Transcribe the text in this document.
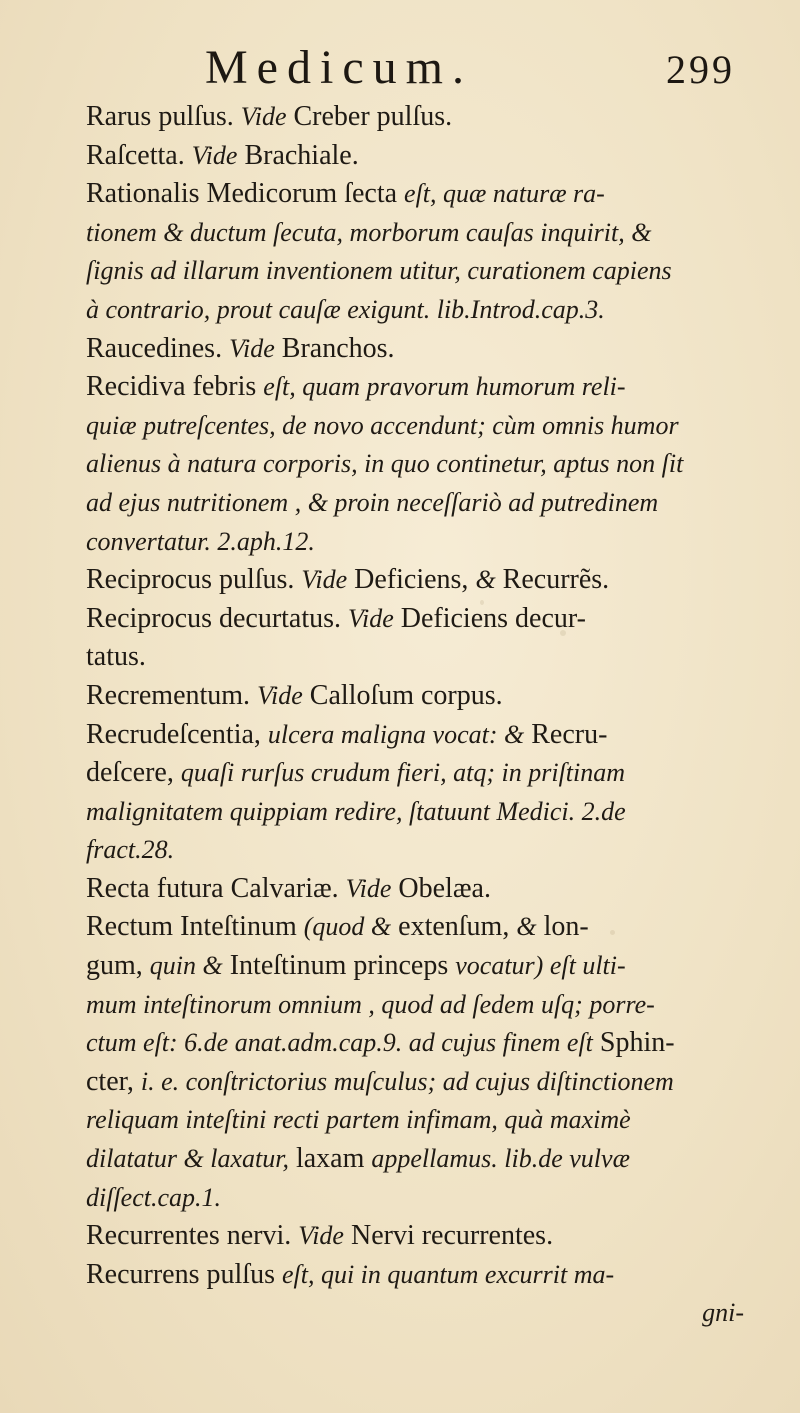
Medicum.	299
Rarus pulſus. Vide Creber pulſus.
Raſcetta. Vide Brachiale.
Rationalis Medicorum ſecta eſt, quæ naturæ ra-
tionem & ductum ſecuta, morborum cauſas inquirit, &
ſignis ad illarum inventionem utitur, curationem capiens
à contrario, prout cauſæ exigunt. lib.Introd.cap.3.
Raucedines. Vide Branchos.
Recidiva febris eſt, quam pravorum humorum reli-
quiæ putreſcentes, de novo accendunt; cùm omnis humor
alienus à natura corporis, in quo continetur, aptus non ſit
ad ejus nutritionem , & proin neceſſariò ad putredinem
convertatur. 2.aph.12.
Reciprocus pulſus. Vide Deficiens, & Recurrẽs.
Reciprocus decurtatus. Vide Deficiens decur-
tatus.
Recrementum. Vide Calloſum corpus.
Recrudeſcentia, ulcera maligna vocat: & Recru-
deſcere, quaſi rurſus crudum fieri, atq; in priſtinam
malignitatem quippiam redire, ſtatuunt Medici. 2.de
fract.28.
Recta futura Calvariæ. Vide Obelæa.
Rectum Inteſtinum (quod & extenſum, & lon-
gum, quin & Inteſtinum princeps vocatur) eſt ulti-
mum inteſtinorum omnium , quod ad ſedem uſq; porre-
ctum eſt: 6.de anat.adm.cap.9. ad cujus finem eſt Sphin-
cter, i. e. conſtrictorius muſculus; ad cujus diſtinctionem
reliquam inteſtini recti partem infimam, quà maximè
dilatatur & laxatur, laxam appellamus. lib.de vulvæ
diſſect.cap.1.
Recurrentes nervi. Vide Nervi recurrentes.
Recurrens pulſus eſt, qui in quantum excurrit ma-
gni-
